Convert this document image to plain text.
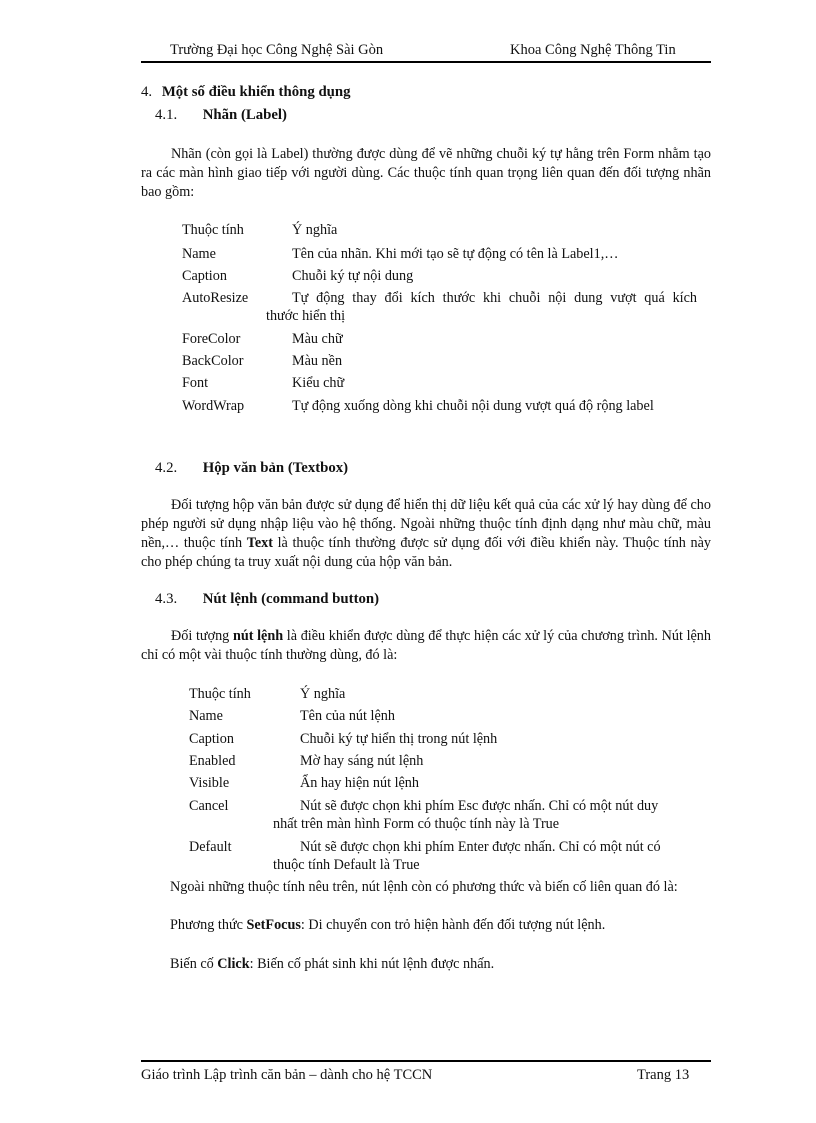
Trường Đại học Công Nghệ Sài Gòn	Khoa Công Nghệ Thông Tin
4. Một số điều khiển thông dụng
4.1. Nhãn (Label)

Nhãn (còn gọi là Label) thường được dùng để vẽ những chuỗi ký tự hằng trên Form nhằm tạo ra các màn hình giao tiếp với người dùng. Các thuộc tính quan trọng liên quan đến đối tượng nhãn bao gồm:

Thuộc tính	Ý nghĩa
Name	Tên của nhãn. Khi mới tạo sẽ tự động có tên là Label1,…
Caption	Chuỗi ký tự nội dung
AutoResize	Tự động thay đổi kích thước khi chuỗi nội dung vượt quá kích
thước hiển thị
ForeColor	Màu chữ
BackColor	Màu nền
Font	Kiểu chữ
WordWrap	Tự động xuống dòng khi chuỗi nội dung vượt quá độ rộng label
4.2. Hộp văn bản (Textbox)

Đối tượng hộp văn bản được sử dụng để hiển thị dữ liệu kết quả của các xử lý hay dùng để cho phép người sử dụng nhập liệu vào hệ thống. Ngoài những thuộc tính định dạng như màu chữ, màu nền,… thuộc tính Text là thuộc tính thường được sử dụng đối với điều khiển này. Thuộc tính này cho phép chúng ta truy xuất nội dung của hộp văn bản.

4.3. Nút lệnh (command button)

Đối tượng nút lệnh là điều khiển được dùng để thực hiện các xử lý của chương trình. Nút lệnh chỉ có một vài thuộc tính thường dùng, đó là:

Thuộc tính	Ý nghĩa
Name	Tên của nút lệnh
Caption	Chuỗi ký tự hiển thị trong nút lệnh
Enabled	Mờ hay sáng nút lệnh
Visible	Ẩn hay hiện nút lệnh
Cancel	Nút sẽ được chọn khi phím Esc được nhấn. Chỉ có một nút duy
nhất trên màn hình Form có thuộc tính này là True
Default	Nút sẽ được chọn khi phím Enter được nhấn. Chỉ có một nút có
thuộc tính Default là True
Ngoài những thuộc tính nêu trên, nút lệnh còn có phương thức và biến cố liên quan đó là:
Phương thức SetFocus: Di chuyển con trỏ hiện hành đến đối tượng nút lệnh.
Biến cố Click: Biến cố phát sinh khi nút lệnh được nhấn.
Giáo trình Lập trình căn bản – dành cho hệ TCCN	Trang 13
